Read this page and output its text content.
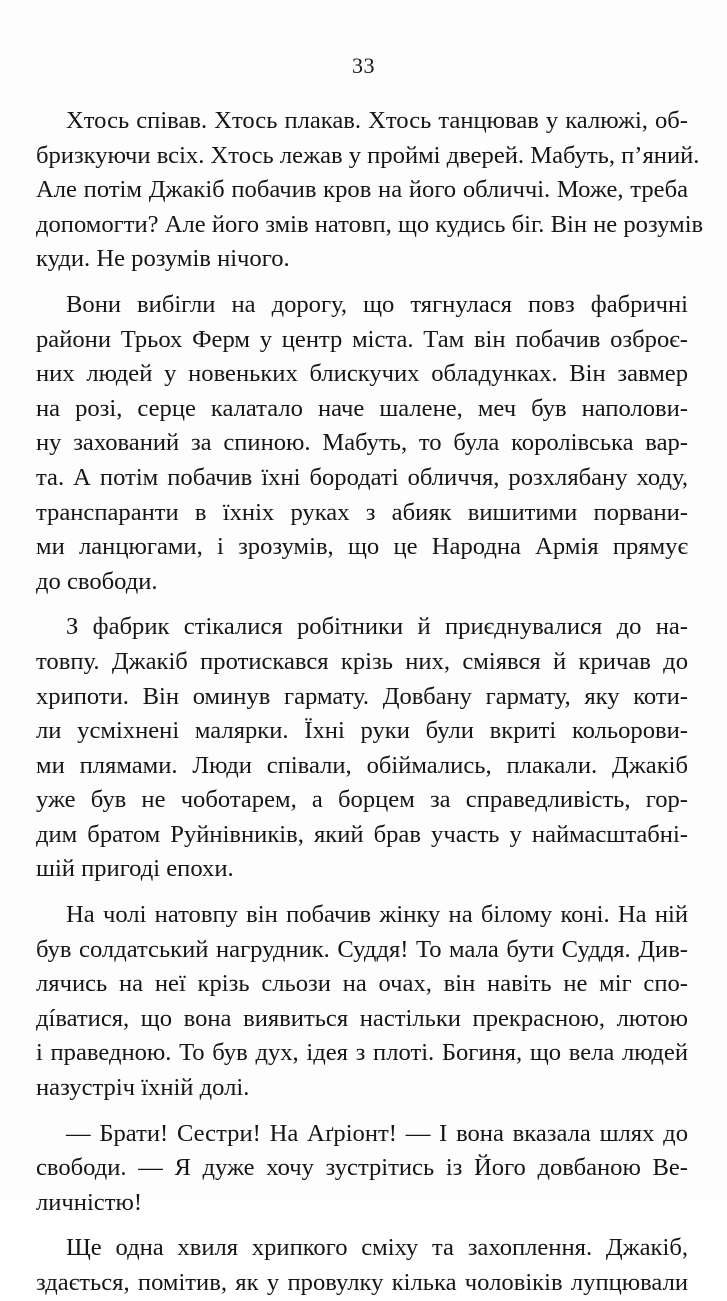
33

Хтось співав. Хтось плакав. Хтось танцював у калюжі, об-
бризкуючи всіх. Хтось лежав у проймі дверей. Мабуть, п’яний.
Але потім Джакіб побачив кров на його обличчі. Може, треба
допомогти? Але його змів натовп, що кудись біг. Він не розумів
куди. Не розумів нічого.

Вони вибігли на дорогу, що тягнулася повз фабричні
райони Трьох Ферм у центр міста. Там він побачив озброє-
них людей у новеньких блискучих обладунках. Він завмер
на розі, серце калатало наче шалене, меч був наполови-
ну захований за спиною. Мабуть, то була королівська вар-
та. А потім побачив їхні бородаті обличчя, розхлябану ходу,
транспаранти в їхніх руках з абияк вишитими порвани-
ми ланцюгами, і зрозумів, що це Народна Армія прямує
до свободи.

З фабрик стікалися робітники й приєднувалися до на-
товпу. Джакіб протискався крізь них, сміявся й кричав до
хрипоти. Він оминув гармату. Довбану гармату, яку коти-
ли усміхнені малярки. Їхні руки були вкриті кольорови-
ми плямами. Люди співали, обіймались, плакали. Джакіб
уже був не чоботарем, а борцем за справедливість, гор-
дим братом Руйнівників, який брав участь у наймасштабні-
шій пригоді епохи.

На чолі натовпу він побачив жінку на білому коні. На ній
був солдатський нагрудник. Суддя! То мала бути Суддя. Див-
лячись на неї крізь сльози на очах, він навіть не міг спо-
дíватися, що вона виявиться настільки прекрасною, лютою
і праведною. То був дух, ідея з плоті. Богиня, що вела людей
назустріч їхній долі.

— Брати! Сестри! На Аґріонт! — І вона вказала шлях до
свободи. — Я дуже хочу зустрітись із Його довбаною Ве-
личністю!

Ще одна хвиля хрипкого сміху та захоплення. Джакіб,
здається, помітив, як у провулку кілька чоловіків лупцювали
